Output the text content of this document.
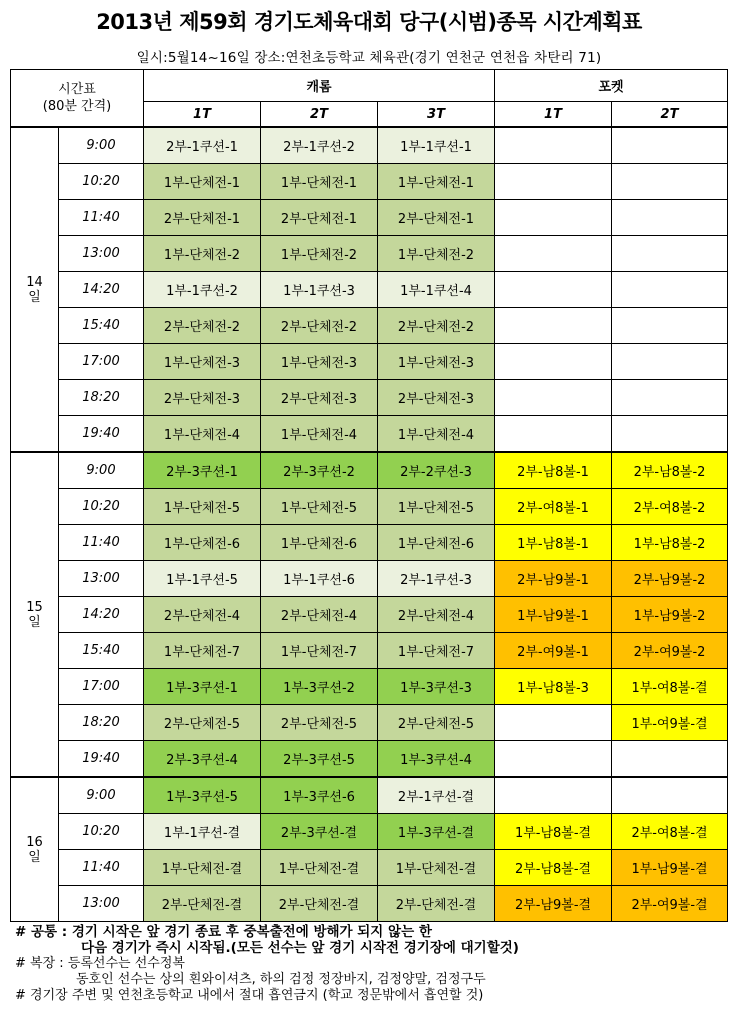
2013년 제59회 경기도체육대회 당구(시범)종목 시간계획표
일시:5월14~16일 장소:연천초등학교 체육관(경기 연천군 연천읍 차탄리 71)
시간표
(80분 간격)		캐롬			포켓	
		1T	2T	3T	1T	2T

14
일	9:00	2부-1쿠션-1	2부-1쿠션-2	1부-1쿠션-1		
	10:20	1부-단체전-1	1부-단체전-1	1부-단체전-1		
	11:40	2부-단체전-1	2부-단체전-1	2부-단체전-1		
	13:00	1부-단체전-2	1부-단체전-2	1부-단체전-2		
	14:20	1부-1쿠션-2	1부-1쿠션-3	1부-1쿠션-4		
	15:40	2부-단체전-2	2부-단체전-2	2부-단체전-2		
	17:00	1부-단체전-3	1부-단체전-3	1부-단체전-3		
	18:20	2부-단체전-3	2부-단체전-3	2부-단체전-3		
	19:40	1부-단체전-4	1부-단체전-4	1부-단체전-4		

15
일	9:00	2부-3쿠션-1	2부-3쿠션-2	2부-2쿠션-3	2부-남8볼-1	2부-남8볼-2
	10:20	1부-단체전-5	1부-단체전-5	1부-단체전-5	2부-여8볼-1	2부-여8볼-2
	11:40	1부-단체전-6	1부-단체전-6	1부-단체전-6	1부-남8볼-1	1부-남8볼-2
	13:00	1부-1쿠션-5	1부-1쿠션-6	2부-1쿠션-3	2부-남9볼-1	2부-남9볼-2
	14:20	2부-단체전-4	2부-단체전-4	2부-단체전-4	1부-남9볼-1	1부-남9볼-2
	15:40	1부-단체전-7	1부-단체전-7	1부-단체전-7	2부-여9볼-1	2부-여9볼-2
	17:00	1부-3쿠션-1	1부-3쿠션-2	1부-3쿠션-3	1부-남8볼-3	1부-여8볼-결
	18:20	2부-단체전-5	2부-단체전-5	2부-단체전-5		1부-여9볼-결
	19:40	2부-3쿠션-4	2부-3쿠션-5	1부-3쿠션-4		

16
일	9:00	1부-3쿠션-5	1부-3쿠션-6	2부-1쿠션-결		
	10:20	1부-1쿠션-결	2부-3쿠션-결	1부-3쿠션-결	1부-남8볼-결	2부-여8볼-결
	11:40	1부-단체전-결	1부-단체전-결	1부-단체전-결	2부-남8볼-결	1부-남9볼-결
	13:00	2부-단체전-결	2부-단체전-결	2부-단체전-결	2부-남9볼-결	2부-여9볼-결
# 공통 : 경기 시작은 앞 경기 종료 후 중복출전에 방해가 되지 않는 한
다음 경기가 즉시 시작됨.(모든 선수는 앞 경기 시작전 경기장에 대기할것)
# 복장 : 등록선수는 선수정복
동호인 선수는 상의 흰와이셔츠, 하의 검정 정장바지, 검정양말, 검정구두
# 경기장 주변 및 연천초등학교 내에서 절대 흡연금지 (학교 정문밖에서 흡연할 것)
